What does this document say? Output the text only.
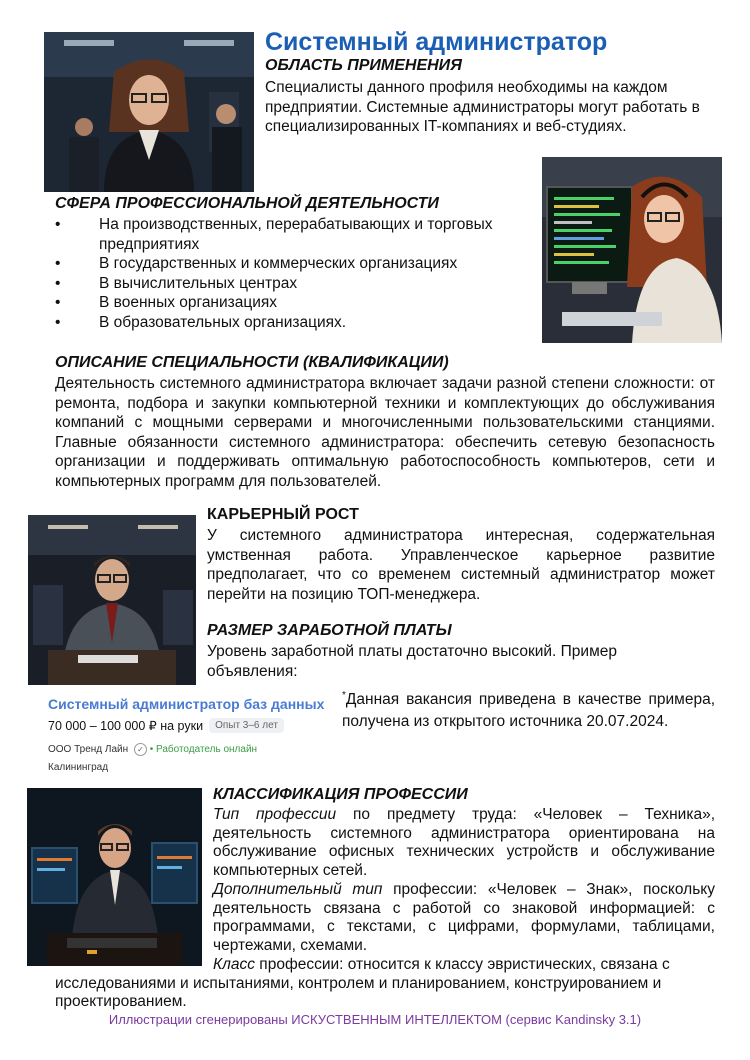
Системный администратор
ОБЛАСТЬ ПРИМЕНЕНИЯ
Специалисты данного профиля необходимы на каждом предприятии. Системные администраторы могут работать в специализированных IT-компаниях и веб-студиях.
СФЕРА ПРОФЕССИОНАЛЬНОЙ ДЕЯТЕЛЬНОСТИ
• На производственных, перерабатывающих и торговых предприятиях
• В государственных и коммерческих организациях
• В вычислительных центрах
• В военных организациях
• В образовательных организациях.
ОПИСАНИЕ СПЕЦИАЛЬНОСТИ (КВАЛИФИКАЦИИ)
Деятельность системного администратора включает задачи разной степени сложности: от ремонта, подбора и закупки компьютерной техники и комплектующих до обслуживания компаний с мощными серверами и многочисленными пользовательскими станциями. Главные обязанности системного администратора: обеспечить сетевую безопасность организации и поддерживать оптимальную работоспособность компьютеров, сети и компьютерных программ для пользователей.
КАРЬЕРНЫЙ РОСТ
У системного администратора интересная, содержательная умственная работа. Управленческое карьерное развитие предполагает, что со временем системный администратор может перейти на позицию ТОП-менеджера.
РАЗМЕР ЗАРАБОТНОЙ ПЛАТЫ
Уровень заработной платы достаточно высокий. Пример объявления:
Системный администратор баз данных
70 000 – 100 000 ₽ на руки Опыт 3–6 лет
ООО Тренд Лайн ✓ • Работодатель онлайн
Калининград
*Данная вакансия приведена в качестве примера, получена из открытого источника 20.07.2024.
КЛАССИФИКАЦИЯ ПРОФЕССИИ
Тип профессии по предмету труда: «Человек – Техника», деятельность системного администратора ориентирована на обслуживание офисных технических устройств и обслуживание компьютерных сетей.
Дополнительный тип профессии: «Человек – Знак», поскольку деятельность связана с работой со знаковой информацией: с программами, с текстами, с цифрами, формулами, таблицами, чертежами, схемами.
Класс профессии: относится к классу эвристических, связана с исследованиями и испытаниями, контролем и планированием, конструированием и проектированием.
Иллюстрации сгенерированы ИСКУСТВЕННЫМ ИНТЕЛЛЕКТОМ (сервис Kandinsky 3.1)
